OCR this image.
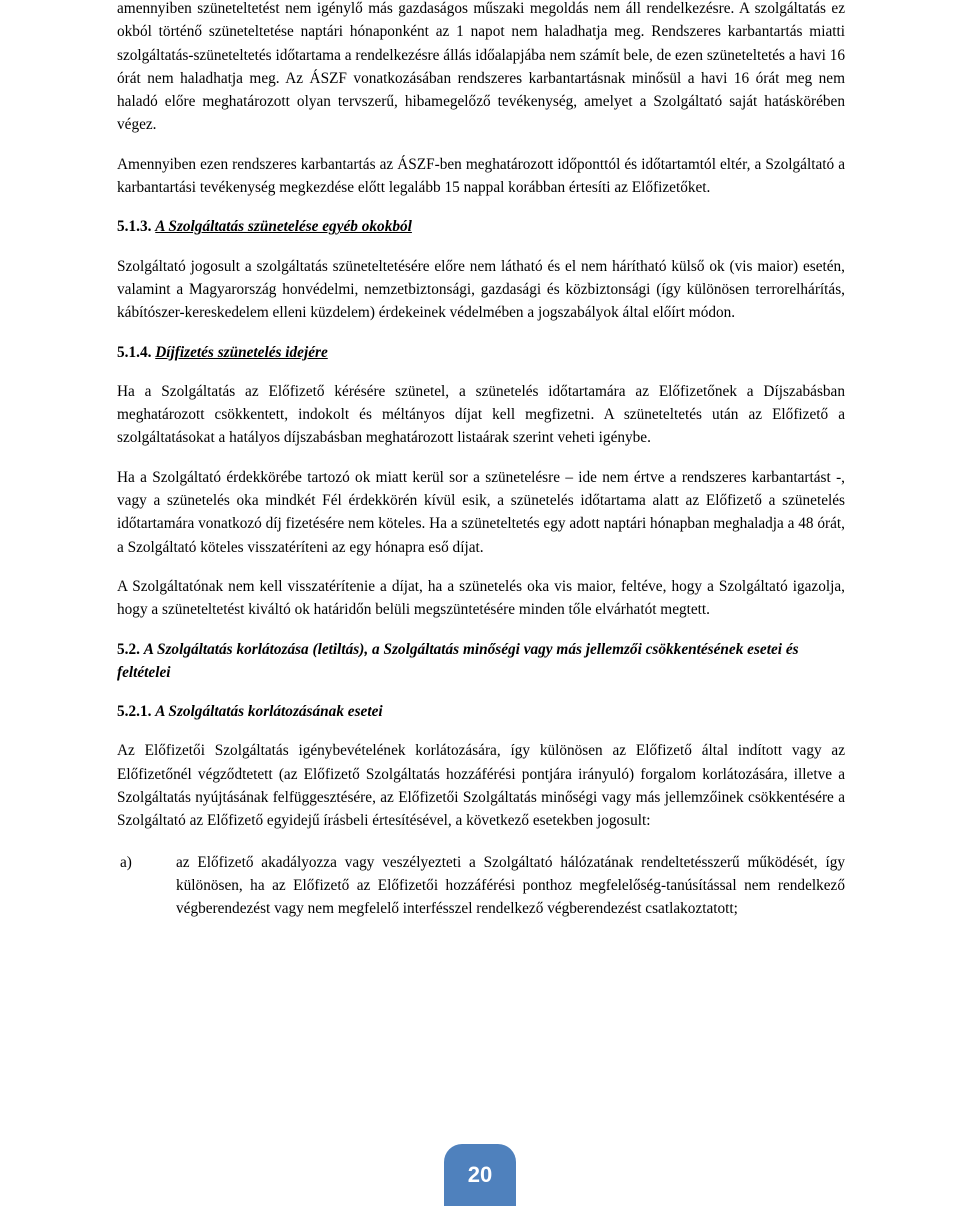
amennyiben szüneteltetést nem igénylő más gazdaságos műszaki megoldás nem áll rendelkezésre. A szolgáltatás ez okból történő szüneteltetése naptári hónaponként az 1 napot nem haladhatja meg. Rendszeres karbantartás miatti szolgáltatás-szüneteltetés időtartama a rendelkezésre állás időalapjába nem számít bele, de ezen szüneteltetés a havi 16 órát nem haladhatja meg. Az ÁSZF vonatkozásában rendszeres karbantartásnak minősül a havi 16 órát meg nem haladó előre meghatározott olyan tervszerű, hibamegelőző tevékenység, amelyet a Szolgáltató saját hatáskörében végez.

Amennyiben ezen rendszeres karbantartás az ÁSZF-ben meghatározott időponttól és időtartamtól eltér, a Szolgáltató a karbantartási tevékenység megkezdése előtt legalább 15 nappal korábban értesíti az Előfizetőket.

5.1.3. A Szolgáltatás szünetelése egyéb okokból

Szolgáltató jogosult a szolgáltatás szüneteltetésére előre nem látható és el nem hárítható külső ok (vis maior) esetén, valamint a Magyarország honvédelmi, nemzetbiztonsági, gazdasági és közbiztonsági (így különösen terrorelhárítás, kábítószer-kereskedelem elleni küzdelem) érdekeinek védelmében a jogszabályok által előírt módon.

5.1.4. Díjfizetés szünetelés idejére

Ha a Szolgáltatás az Előfizető kérésére szünetel, a szünetelés időtartamára az Előfizetőnek a Díjszabásban meghatározott csökkentett, indokolt és méltányos díjat kell megfizetni. A szüneteltetés után az Előfizető a szolgáltatásokat a hatályos díjszabásban meghatározott listaárak szerint veheti igénybe.

Ha a Szolgáltató érdekkörébe tartozó ok miatt kerül sor a szünetelésre – ide nem értve a rendszeres karbantartást -, vagy a szünetelés oka mindkét Fél érdekkörén kívül esik, a szünetelés időtartama alatt az Előfizető a szünetelés időtartamára vonatkozó díj fizetésére nem köteles. Ha a szüneteltetés egy adott naptári hónapban meghaladja a 48 órát, a Szolgáltató köteles visszatéríteni az egy hónapra eső díjat.

A Szolgáltatónak nem kell visszatérítenie a díjat, ha a szünetelés oka vis maior, feltéve, hogy a Szolgáltató igazolja, hogy a szüneteltetést kiváltó ok határidőn belüli megszüntetésére minden tőle elvárhatót megtett.

5.2. A Szolgáltatás korlátozása (letiltás), a Szolgáltatás minőségi vagy más jellemzői csökkentésének esetei és feltételei
5.2.1. A Szolgáltatás korlátozásának esetei

Az Előfizetői Szolgáltatás igénybevételének korlátozására, így különösen az Előfizető által indított vagy az Előfizetőnél végződtetett (az Előfizető Szolgáltatás hozzáférési pontjára irányuló) forgalom korlátozására, illetve a Szolgáltatás nyújtásának felfüggesztésére, az Előfizetői Szolgáltatás minőségi vagy más jellemzőinek csökkentésére a Szolgáltató az Előfizető egyidejű írásbeli értesítésével, a következő esetekben jogosult:

a)	az Előfizető akadályozza vagy veszélyezteti a Szolgáltató hálózatának rendeltetésszerű működését, így különösen, ha az Előfizető az Előfizetői hozzáférési ponthoz megfelelőség-tanúsítással nem rendelkező végberendezést vagy nem megfelelő interfésszel rendelkező végberendezést csatlakoztatott;

20
